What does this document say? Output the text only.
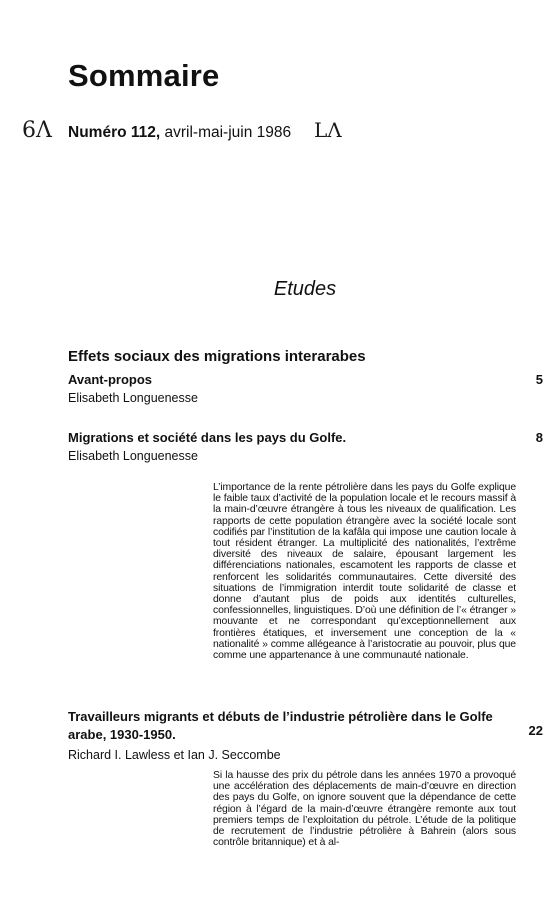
Sommaire
6Λ Numéro 112, avril-mai-juin 1986 LΛ
Etudes
Effets sociaux des migrations interarabes
Avant-propos	5
Elisabeth Longuenesse
Migrations et société dans les pays du Golfe.	8
Elisabeth Longuenesse
L’importance de la rente pétrolière dans les pays du Golfe explique le faible taux d’activité de la population locale et le recours massif à la main-d’œuvre étrangère à tous les niveaux de qualification. Les rapports de cette population étrangère avec la société locale sont codifiés par l’institution de la kafâla qui impose une caution locale à tout résident étranger. La multiplicité des nationalités, l’extrême diversité des niveaux de salaire, épousant largement les différenciations nationales, escamotent les rapports de classe et renforcent les solidarités communautaires. Cette diversité des situations de l’immigration interdit toute solidarité de classe et donne d’autant plus de poids aux identités culturelles, confessionnelles, linguistiques. D’où une définition de l’« étranger » mouvante et ne correspondant qu’exceptionnellement aux frontières étatiques, et inversement une conception de la « nationalité » comme allégeance à l’aristocratie au pouvoir, plus que comme une appartenance à une communauté nationale.
Travailleurs migrants et débuts de l’industrie pétrolière dans le Golfe arabe, 1930-1950.	22
Richard I. Lawless et Ian J. Seccombe
Si la hausse des prix du pétrole dans les années 1970 a provoqué une accélération des déplacements de main-d’œuvre en direction des pays du Golfe, on ignore souvent que la dépendance de cette région à l’égard de la main-d’œuvre étrangère remonte aux tout premiers temps de l’exploitation du pétrole. L’étude de la politique de recrutement de l’industrie pétrolière à Bahrein (alors sous contrôle britannique) et à al-
